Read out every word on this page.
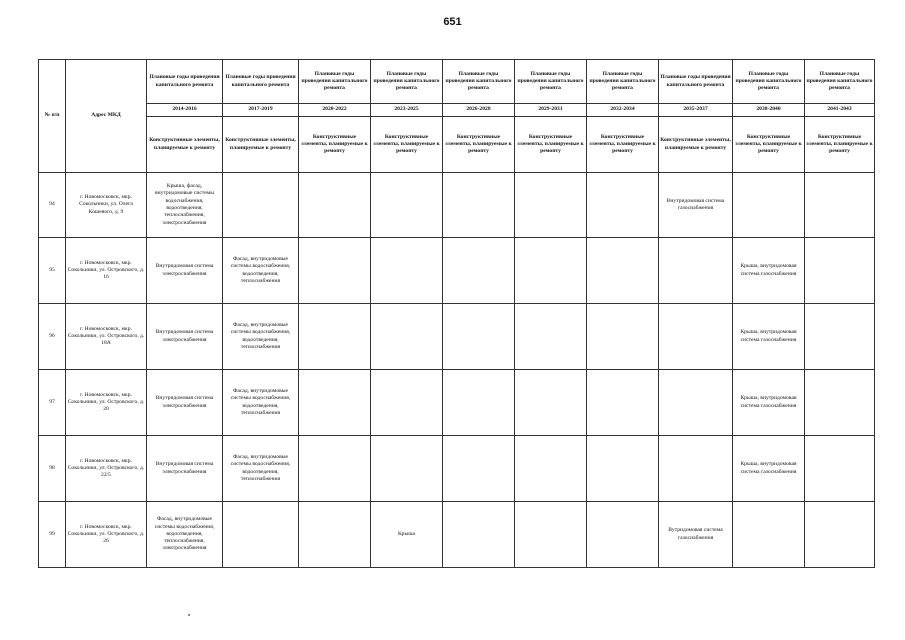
651
№ п/п	Адрес МКД	Плановые годы проведения капитального ремонта	Плановые годы проведения капитального ремонта	Плановые годы проведения капитального ремонта	Плановые годы проведения капитального ремонта	Плановые годы проведения капитального ремонта	Плановые годы проведения капитального ремонта	Плановые годы проведения капитального ремонта	Плановые годы проведения капитального ремонта	Плановые годы проведения капитального ремонта	Плановые годы проведения капитального ремонта
		2014-2016	2017-2019	2020-2022	2023-2025	2026-2028	2029-2031	2032-2034	2035-2037	2038-2040	2041-2043
		Конструктивные элементы, планируемые к ремонту	Конструктивные элементы, планируемые к ремонту	Конструктивные элементы, планируемые к ремонту	Конструктивные элементы, планируемые к ремонту	Конструктивные элементы, планируемые к ремонту	Конструктивные элементы, планируемые к ремонту	Конструктивные элементы, планируемые к ремонту	Конструктивные элементы, планируемые к ремонту	Конструктивные элементы, планируемые к ремонту	Конструктивные элементы, планируемые к ремонту
94	г. Новомосковск, мкр. Сокольники, ул. Олега Кошевого, д. 9	Крыша, фасад, внутридомовые системы водоснабжения, водоотведения, теплоснабжения, электроснабжения							Внутридомовая система газоснабжения		
95	г. Новомосковск, мкр. Сокольники, ул. Островского, д. 16	Внутридомовая система электроснабжения	Фасад, внутридомовые системы водоснабжения, водоотведения, теплоснабжения							Крыша, внутридомовая система газоснабжения	
96	г. Новомосковск, мкр. Сокольники, ул. Островского, д. 18А	Внутридомовая система электроснабжения	Фасад, внутридомовые системы водоснабжения, водоотведения, теплоснабжения							Крыша, внутридомовая система газоснабжения	
97	г. Новомосковск, мкр. Сокольники, ул. Островского, д. 20	Внутридомовая система электроснабжения	Фасад, внутридомовые системы водоснабжения, водоотведения, теплоснабжения							Крыша, внутридомовая система газоснабжения	
98	г. Новомосковск, мкр. Сокольники, ул. Островского, д. 22/5	Внутридомовая система электроснабжения	Фасад, внутридомовые системы водоснабжения, водоотведения, теплоснабжения							Крыша, внутридомовая система газоснабжения	
99	г. Новомосковск, мкр. Сокольники, ул. Островского, д. 26	Фасад, внутридомовые системы водоснабжения, водоотведения, теплоснабжения, электроснабжения			Крыша				Вутридомовая система газоснабжения		
